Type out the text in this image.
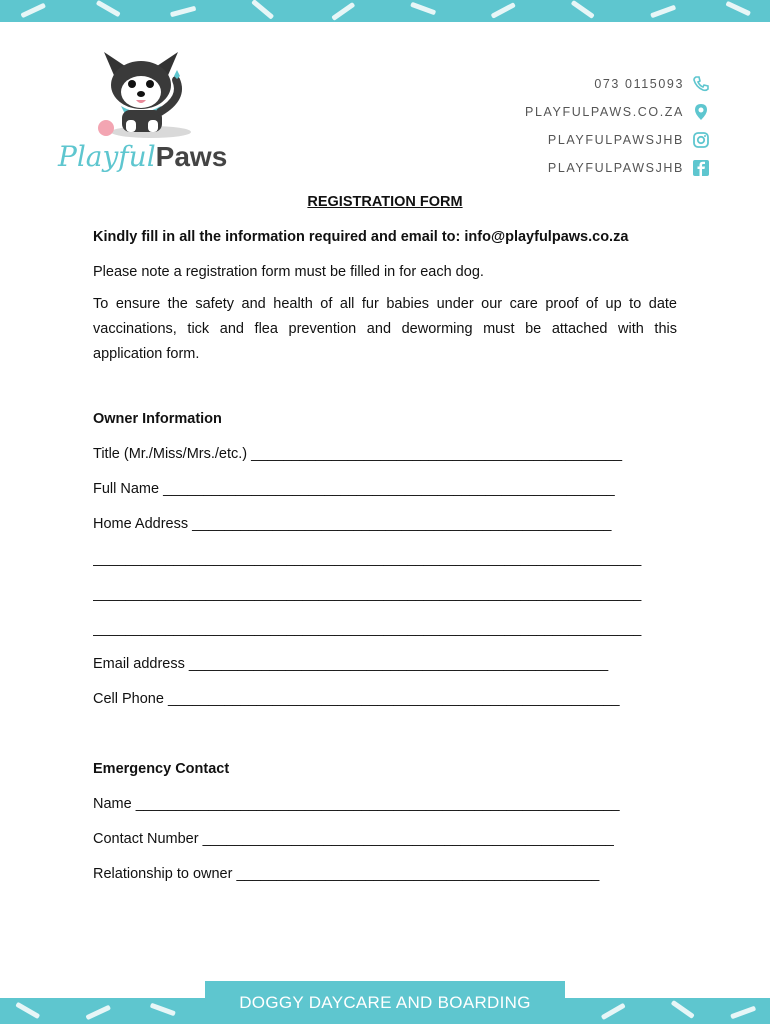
PlayfulPaws
073 0115093
PLAYFULPAWS.CO.ZA
PLAYFULPAWSJHB
PLAYFULPAWSJHB

REGISTRATION FORM

Kindly fill in all the information required and email to: info@playfulpaws.co.za

Please note a registration form must be filled in for each dog.

To ensure the safety and health of all fur babies under our care proof of up to date vaccinations, tick and flea prevention and deworming must be attached with this application form.

Owner Information

Title (Mr./Miss/Mrs./etc.) ______________________________________________
Full Name ________________________________________________________
Home Address ____________________________________________________
____________________________________________________________________
____________________________________________________________________
____________________________________________________________________
Email address ____________________________________________________
Cell Phone ________________________________________________________

Emergency Contact

Name ____________________________________________________________
Contact Number ___________________________________________________
Relationship to owner _____________________________________________
DOGGY DAYCARE AND BOARDING
